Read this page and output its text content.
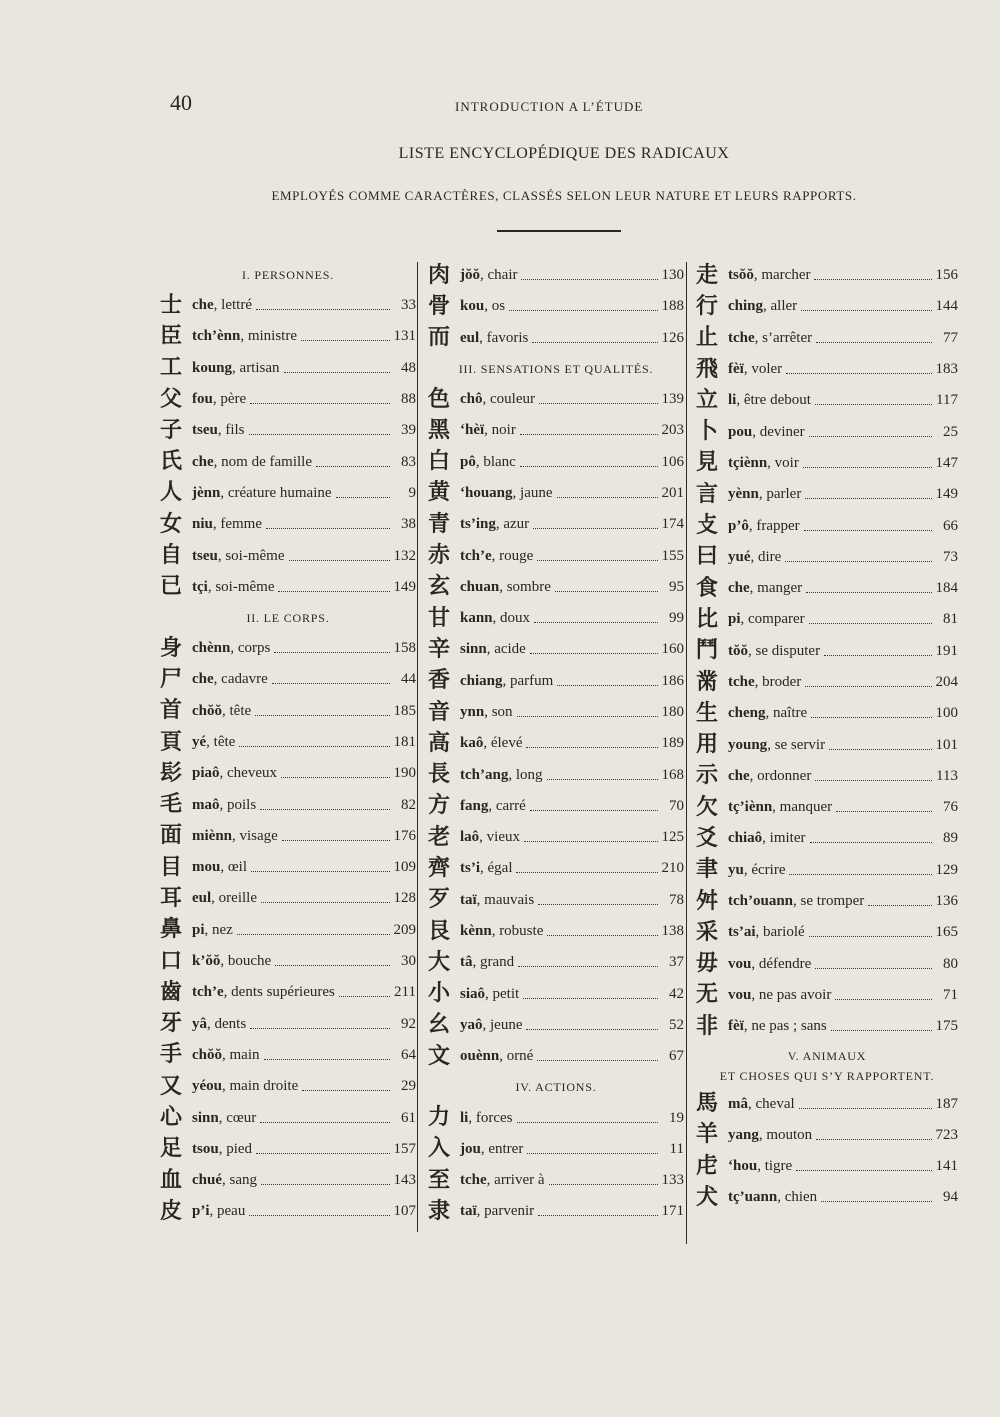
40	INTRODUCTION A L’ÉTUDE
LISTE ENCYCLOPÉDIQUE DES RADICAUX
EMPLOYÉS COMME CARACTÈRES, CLASSÉS SELON LEUR NATURE ET LEURS RAPPORTS.
I. PERSONNES.
士 che , lettré	33
臣 tch’ènn , ministre	131
工 koung , artisan	48
父 fou , père	88
子 tseu , fils	39
氏 che , nom de famille	83
人 jènn , créature humaine	9
女 niu , femme	38
自 tseu , soi-même	132
已 tçi , soi-même	149
II. LE CORPS.
身 chènn , corps	158
尸 che , cadavre	44
首 chŏŏ , tête	185
頁 yé , tête	181
髟 piaô , cheveux	190
毛 maô , poils	82
面 miènn , visage	176
目 mou , œil	109
耳 eul , oreille	128
鼻 pi , nez	209
口 k’ŏŏ , bouche	30
齒 tch’e , dents supérieures	211
牙 yâ , dents	92
手 chŏŏ , main	64
又 yéou , main droite	29
心 sinn , cœur	61
足 tsou , pied	157
血 chué , sang	143
皮 p’i , peau	107
肉 jŏŏ , chair	130
骨 kou , os	188
而 eul , favoris	126
III. SENSATIONS ET QUALITÉS.
色 chô , couleur	139
黑 ‘hèï , noir	203
白 pô , blanc	106
黄 ‘houang , jaune	201
青 ts’ing , azur	174
赤 tch’e , rouge	155
玄 chuan , sombre	95
甘 kann , doux	99
辛 sinn , acide	160
香 chiang , parfum	186
音 ynn , son	180
高 kaô , élevé	189
長 tch’ang , long	168
方 fang , carré	70
老 laô , vieux	125
齊 ts’i , égal	210
歹 taï , mauvais	78
艮 kènn , robuste	138
大 tâ , grand	37
小 siaô , petit	42
幺 yaô , jeune	52
文 ouènn , orné	67
IV. ACTIONS.
力 li , forces	19
入 jou , entrer	11
至 tche , arriver à	133
隶 taï , parvenir	171
走 tsŏŏ , marcher	156
行 ching , aller	144
止 tche , s’arrêter	77
飛 fèï , voler	183
立 li , être debout	117
卜 pou , deviner	25
見 tçiènn , voir	147
言 yènn , parler	149
攴 p’ô , frapper	66
曰 yué , dire	73
食 che , manger	184
比 pi , comparer	81
鬥 tŏŏ , se disputer	191
黹 tche , broder	204
生 cheng , naître	100
用 young , se servir	101
示 che , ordonner	113
欠 tç’iènn , manquer	76
爻 chiaô , imiter	89
聿 yu , écrire	129
舛 tch’ouann , se tromper	136
采 ts’ai , bariolé	165
毋 vou , défendre	80
无 vou , ne pas avoir	71
非 fèï , ne pas ; sans	175
V. ANIMAUX
ET CHOSES QUI S’Y RAPPORTENT.
馬 mâ , cheval	187
羊 yang , mouton	723
虍 ‘hou , tigre	141
犬 tç’uann , chien	94
